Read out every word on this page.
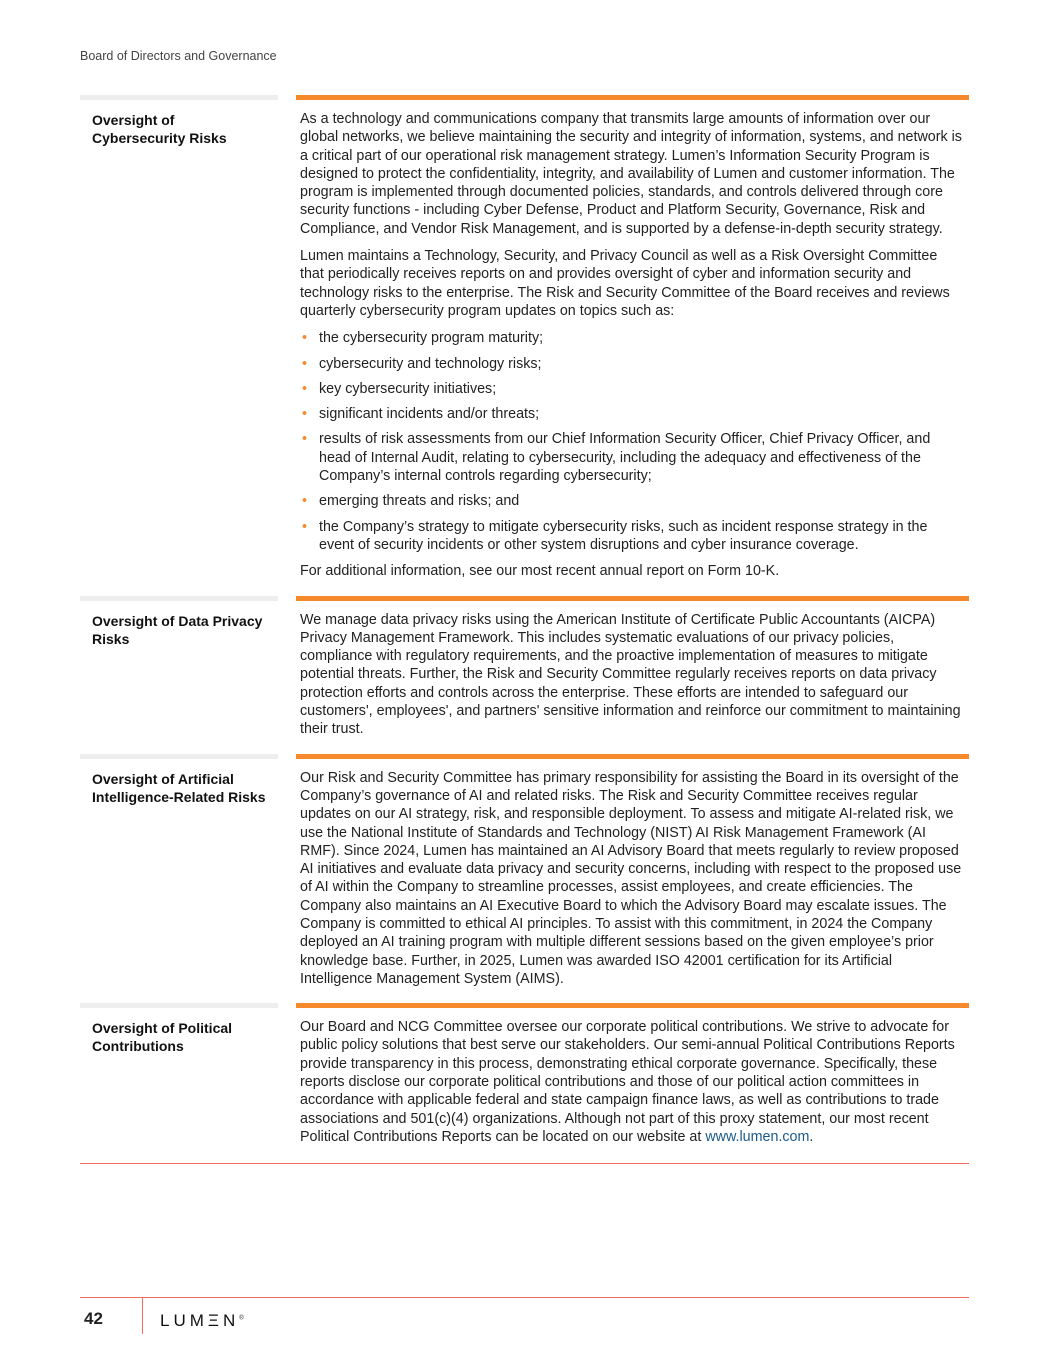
Board of Directors and Governance
Oversight of Cybersecurity Risks

As a technology and communications company that transmits large amounts of information over our global networks, we believe maintaining the security and integrity of information, systems, and network is a critical part of our operational risk management strategy. Lumen’s Information Security Program is designed to protect the confidentiality, integrity, and availability of Lumen and customer information. The program is implemented through documented policies, standards, and controls delivered through core security functions - including Cyber Defense, Product and Platform Security, Governance, Risk and Compliance, and Vendor Risk Management, and is supported by a defense-in-depth security strategy.

Lumen maintains a Technology, Security, and Privacy Council as well as a Risk Oversight Committee that periodically receives reports on and provides oversight of cyber and information security and technology risks to the enterprise. The Risk and Security Committee of the Board receives and reviews quarterly cybersecurity program updates on topics such as:

• the cybersecurity program maturity;
• cybersecurity and technology risks;
• key cybersecurity initiatives;
• significant incidents and/or threats;
• results of risk assessments from our Chief Information Security Officer, Chief Privacy Officer, and head of Internal Audit, relating to cybersecurity, including the adequacy and effectiveness of the Company’s internal controls regarding cybersecurity;
• emerging threats and risks; and
• the Company’s strategy to mitigate cybersecurity risks, such as incident response strategy in the event of security incidents or other system disruptions and cyber insurance coverage.

For additional information, see our most recent annual report on Form 10-K.

Oversight of Data Privacy Risks

We manage data privacy risks using the American Institute of Certificate Public Accountants (AICPA) Privacy Management Framework. This includes systematic evaluations of our privacy policies, compliance with regulatory requirements, and the proactive implementation of measures to mitigate potential threats. Further, the Risk and Security Committee regularly receives reports on data privacy protection efforts and controls across the enterprise. These efforts are intended to safeguard our customers', employees', and partners' sensitive information and reinforce our commitment to maintaining their trust.

Oversight of Artificial Intelligence-Related Risks

Our Risk and Security Committee has primary responsibility for assisting the Board in its oversight of the Company’s governance of AI and related risks. The Risk and Security Committee receives regular updates on our AI strategy, risk, and responsible deployment. To assess and mitigate AI-related risk, we use the National Institute of Standards and Technology (NIST) AI Risk Management Framework (AI RMF). Since 2024, Lumen has maintained an AI Advisory Board that meets regularly to review proposed AI initiatives and evaluate data privacy and security concerns, including with respect to the proposed use of AI within the Company to streamline processes, assist employees, and create efficiencies. The Company also maintains an AI Executive Board to which the Advisory Board may escalate issues. The Company is committed to ethical AI principles. To assist with this commitment, in 2024 the Company deployed an AI training program with multiple different sessions based on the given employee’s prior knowledge base. Further, in 2025, Lumen was awarded ISO 42001 certification for its Artificial Intelligence Management System (AIMS).

Oversight of Political Contributions

Our Board and NCG Committee oversee our corporate political contributions. We strive to advocate for public policy solutions that best serve our stakeholders. Our semi-annual Political Contributions Reports provide transparency in this process, demonstrating ethical corporate governance. Specifically, these reports disclose our corporate political contributions and those of our political action committees in accordance with applicable federal and state campaign finance laws, as well as contributions to trade associations and 501(c)(4) organizations. Although not part of this proxy statement, our most recent Political Contributions Reports can be located on our website at www.lumen.com.

42	LUMΞN®
